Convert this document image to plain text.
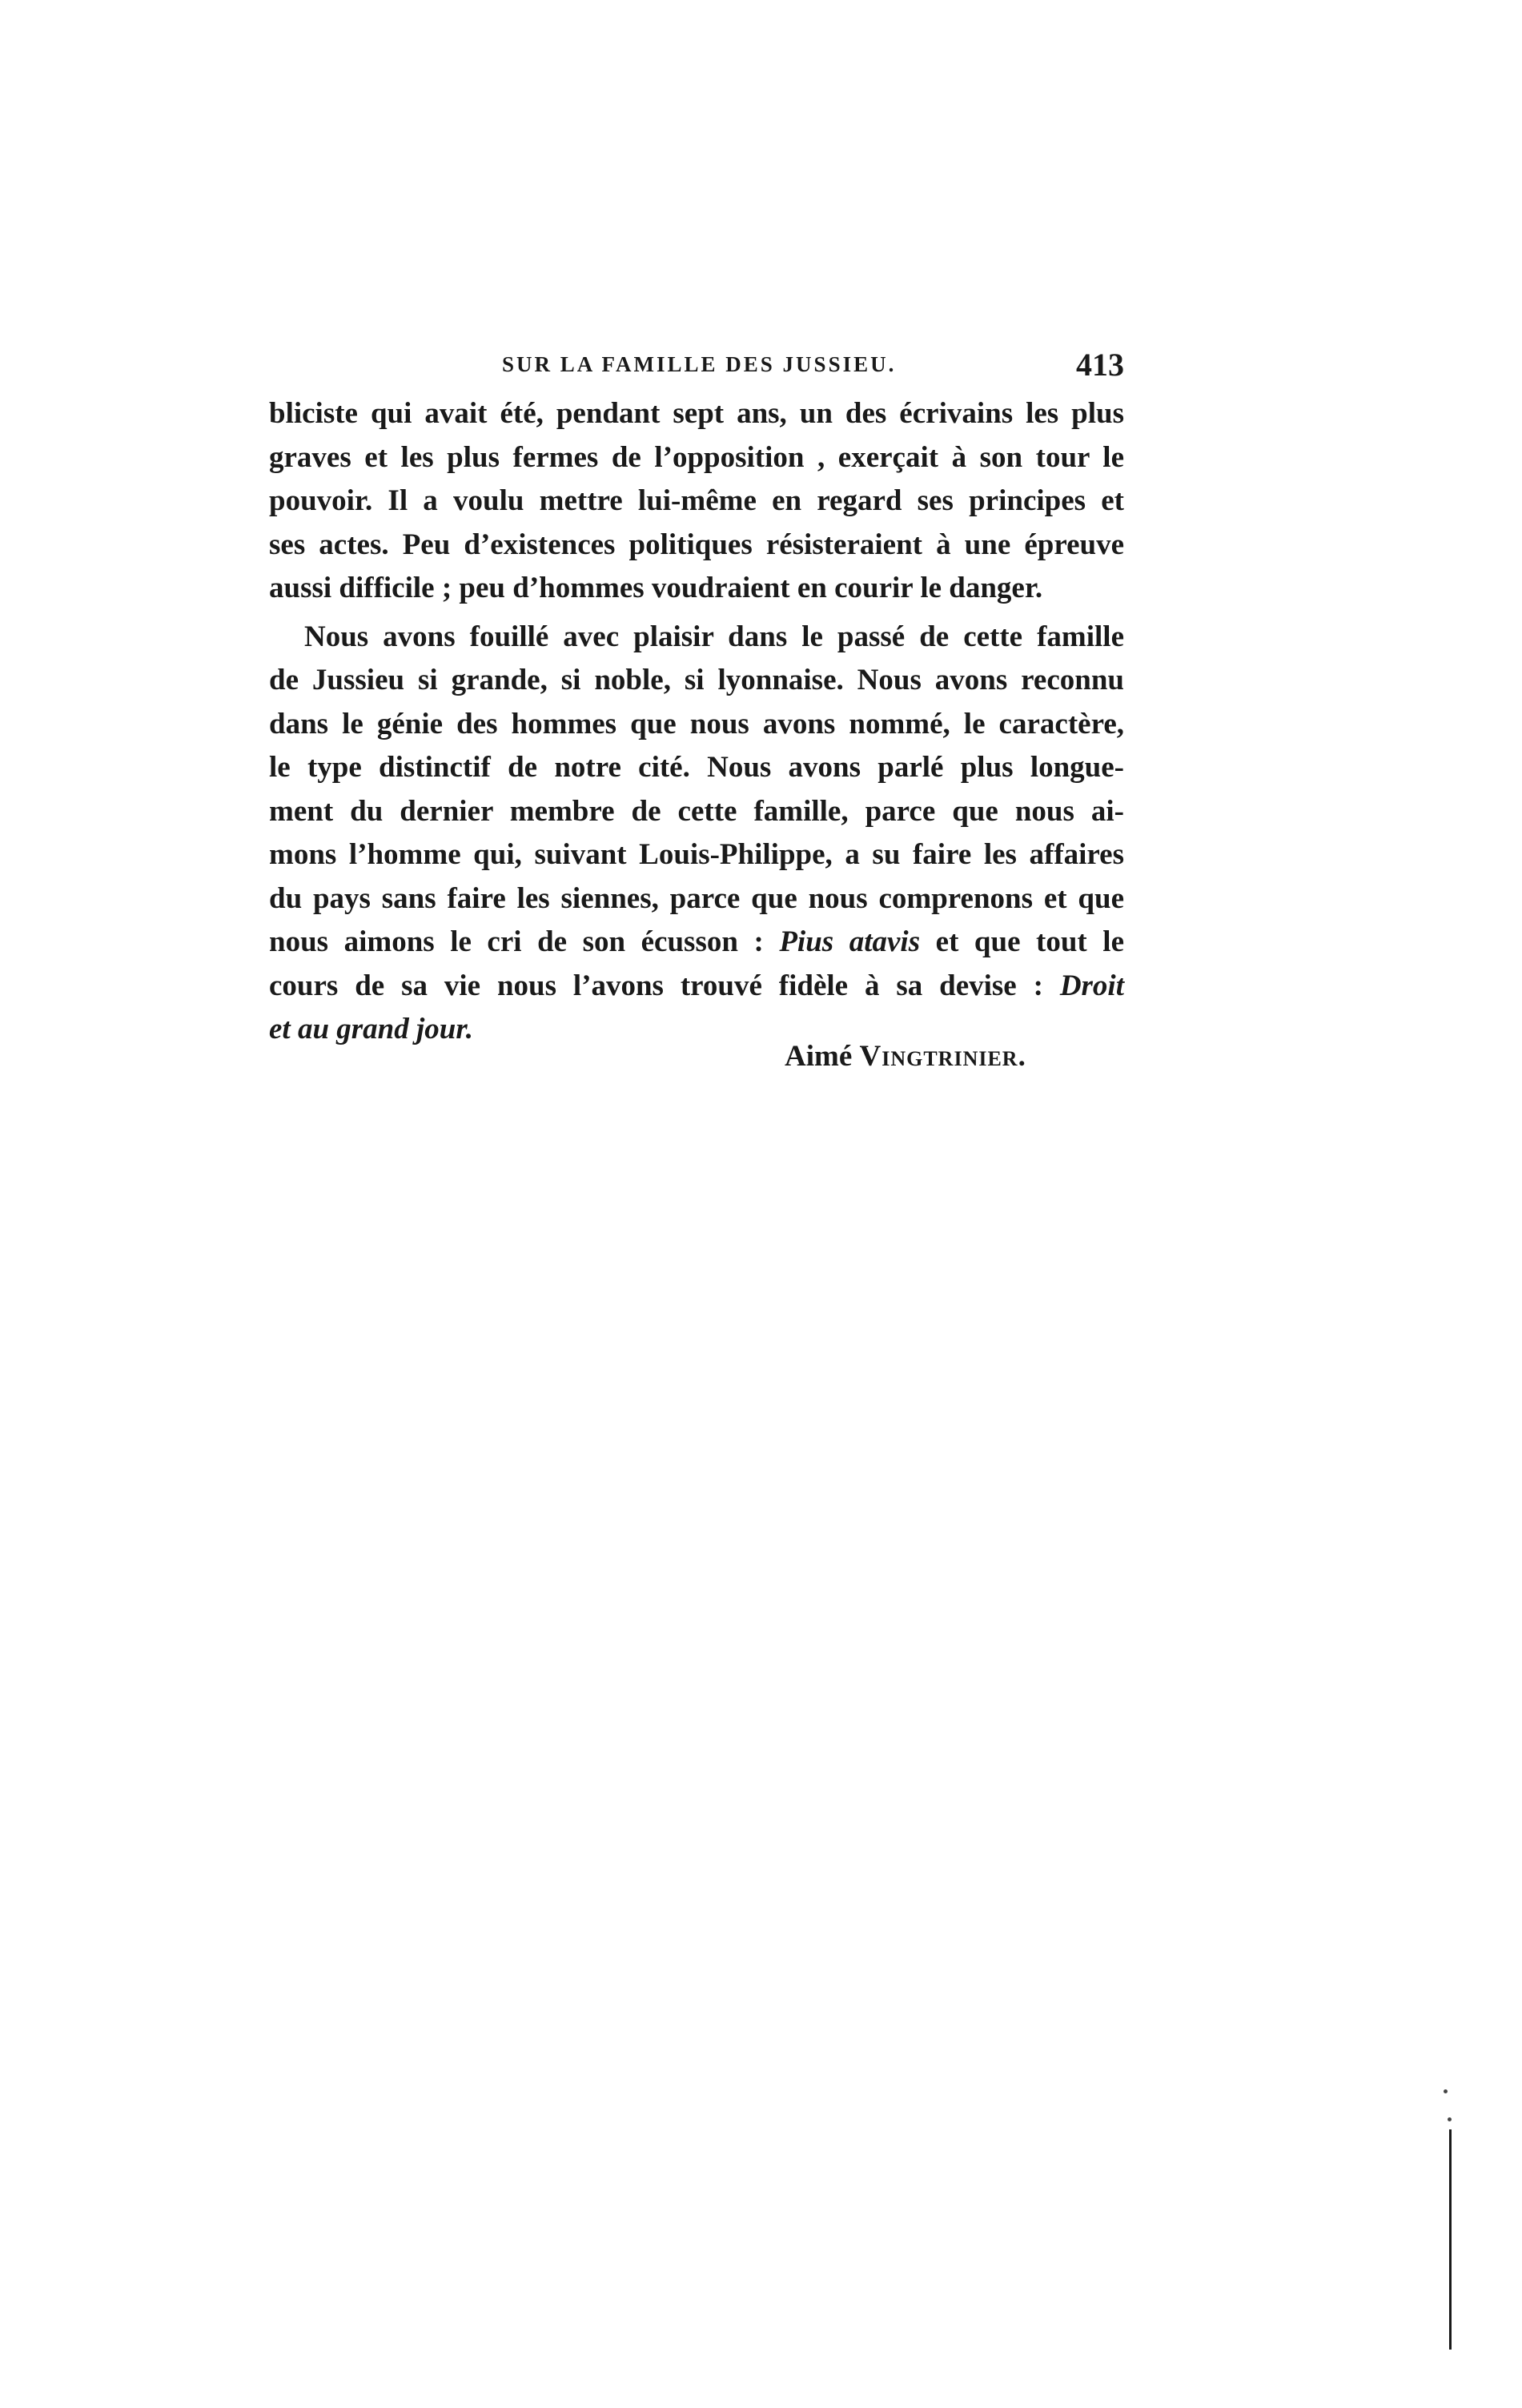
SUR LA FAMILLE DES JUSSIEU.	413
bliciste qui avait été, pendant sept ans, un des écrivains les plus
graves et les plus fermes de l’opposition , exerçait à son tour le
pouvoir. Il a voulu mettre lui-même en regard ses principes et
ses actes. Peu d’existences politiques résisteraient à une épreuve
aussi difficile ; peu d’hommes voudraient en courir le danger.
Nous avons fouillé avec plaisir dans le passé de cette famille
de Jussieu si grande, si noble, si lyonnaise. Nous avons reconnu
dans le génie des hommes que nous avons nommé, le caractère,
le type distinctif de notre cité. Nous avons parlé plus longue-
ment du dernier membre de cette famille, parce que nous ai-
mons l’homme qui, suivant Louis-Philippe, a su faire les affaires
du pays sans faire les siennes, parce que nous comprenons et que
nous aimons le cri de son écusson : Pius atavis et que tout le
cours de sa vie nous l’avons trouvé fidèle à sa devise : Droit
et au grand jour.
Aimé Vingtrinier.
